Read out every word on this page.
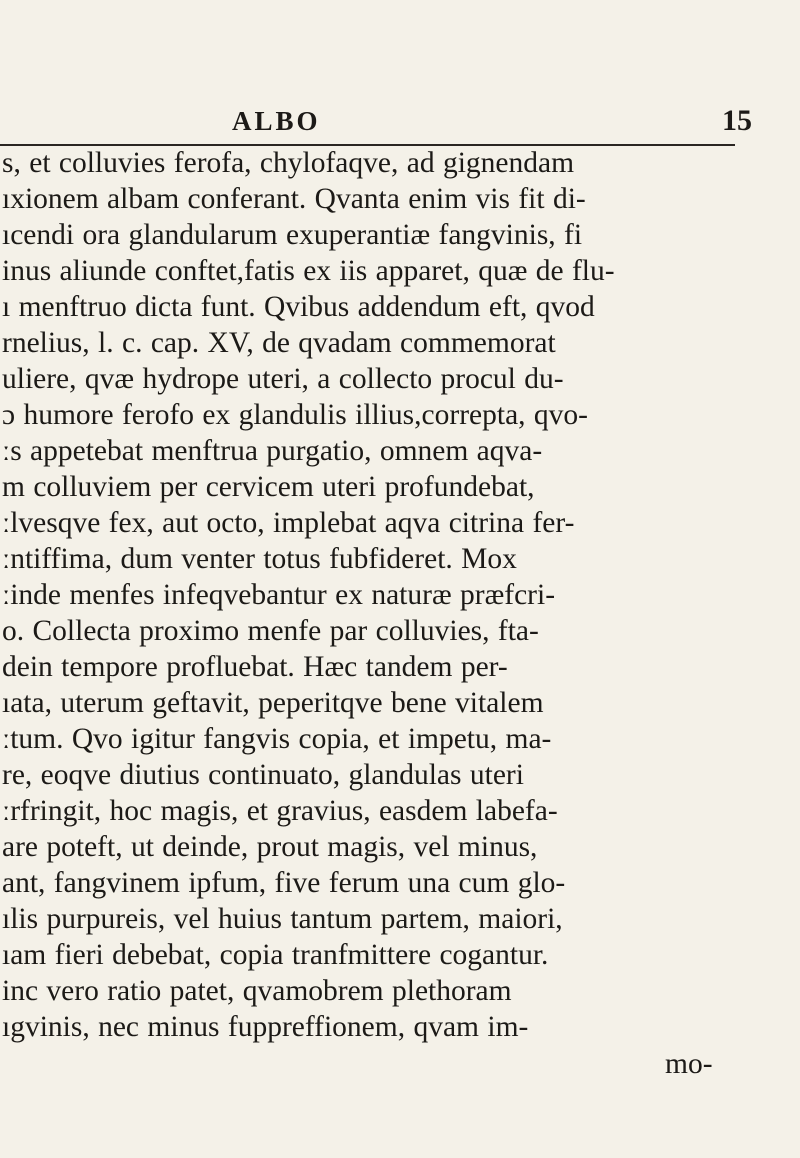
ALBO	15
s, et colluvies ferofa, chylofaqve, ad gignendam
ıxionem albam conferant. Qvanta enim vis fit di-
ıcendi ora glandularum exuperantiæ fangvinis, fi
inus aliunde conftet,fatis ex iis apparet, quæ de flu-
ı menftruo dicta funt. Qvibus addendum eft, qvod
rnelius, l. c. cap. XV, de qvadam commemorat
uliere, qvæ hydrope uteri, a collecto procul du-
ɔ humore ferofo ex glandulis illius,correpta, qvo-
ːs appetebat menftrua purgatio, omnem aqva-
m colluviem per cervicem uteri profundebat,
ːlvesqve fex, aut octo, implebat aqva citrina fer-
ːntiffima, dum venter totus fubfideret. Mox
ːinde menfes infeqvebantur ex naturæ præfcri-
o. Collecta proximo menfe par colluvies, fta-
dein tempore profluebat. Hæc tandem per-
ıata, uterum geftavit, peperitqve bene vitalem
ːtum. Qvo igitur fangvis copia, et impetu, ma-
re, eoqve diutius continuato, glandulas uteri
ːrfringit, hoc magis, et gravius, easdem labefa-
are poteft, ut deinde, prout magis, vel minus,
ant, fangvinem ipfum, five ferum una cum glo-
ılis purpureis, vel huius tantum partem, maiori,
ıam fieri debebat, copia tranfmittere cogantur.
inc vero ratio patet, qvamobrem plethoram
ıgvinis, nec minus fuppreffionem, qvam im-
mo-
